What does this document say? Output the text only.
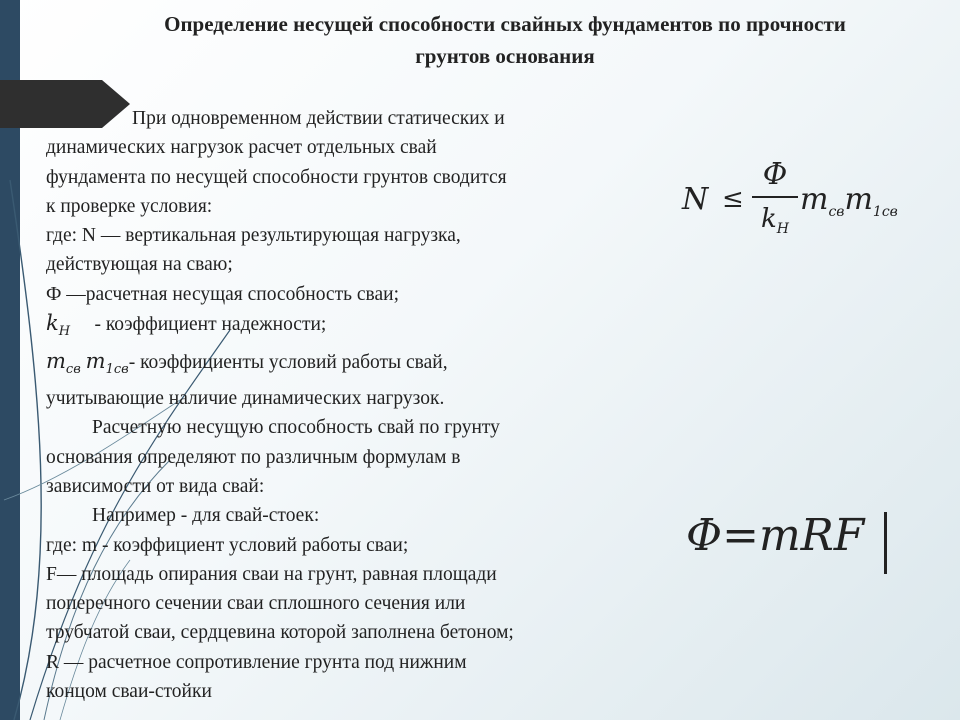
Определение несущей способности свайных фундаментов по прочности
грунтов основания
При одновременном действии статических и
динамических нагрузок расчет отдельных свай
фундамента по несущей способности грунтов сводится
к проверке условия:
где: N — вертикальная результирующая нагрузка,
действующая на сваю;
Ф —расчетная несущая способность сваи;
$k_Н$ - коэффициент надежности;
$m_{св}$ $m_{1св}-$ коэффициенты условий работы свай,
учитывающие наличие динамических нагрузок.
Расчетную несущую способность свай по грунту
основания определяют по различным формулам в
зависимости от вида свай:
Например - для свай-стоек:
где: m - коэффициент условий работы сваи;
F— площадь опирания сваи на грунт, равная площади
поперечного сечении сваи сплошного сечения или
трубчатой сваи, сердцевина которой заполнена бетоном;
R — расчетное сопротивление грунта под нижним
концом сваи-стойки
N ≤
Φ
$k_Н$
$m_{св}m_{1св}$
Φ=mRF
